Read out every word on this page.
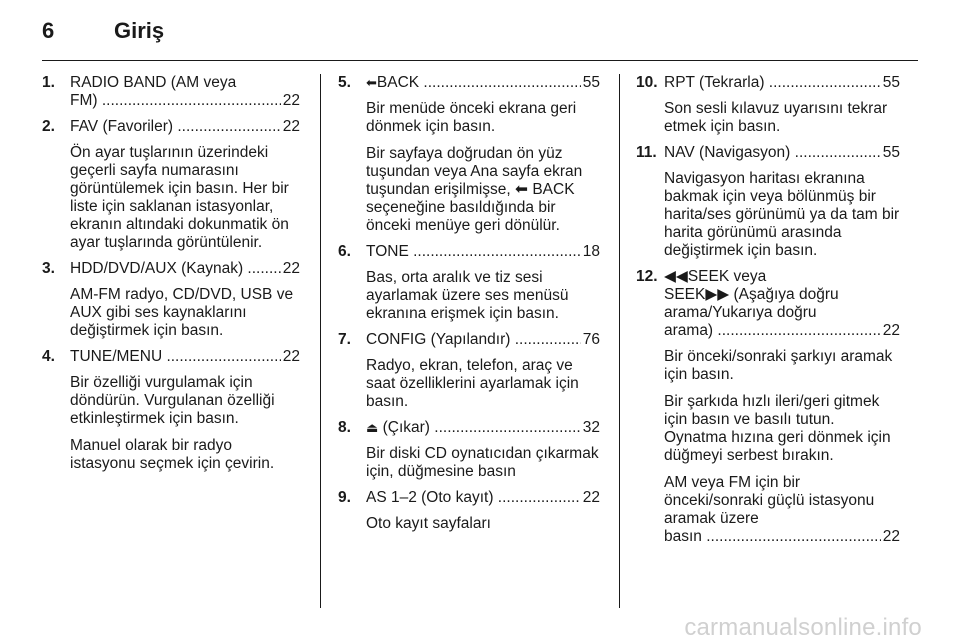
6	Giriş
1. RADIO BAND (AM veya
FM) .....	22
2. FAV (Favoriler) .....	22
Ön ayar tuşlarının üzerindeki geçerli sayfa numarasını görüntülemek için basın. Her bir liste için saklanan istasyonlar, ekranın altındaki dokunmatik ön ayar tuşlarında görüntülenir.
3. HDD/DVD/AUX (Kaynak) .....	22
AM-FM radyo, CD/DVD, USB ve AUX gibi ses kaynaklarını değiştirmek için basın.
4. TUNE/MENU .....	22
Bir özelliği vurgulamak için döndürün. Vurgulanan özelliği etkinleştirmek için basın.
Manuel olarak bir radyo istasyonu seçmek için çevirin.
5. ⬅BACK .....	55
Bir menüde önceki ekrana geri dönmek için basın.
Bir sayfaya doğrudan ön yüz tuşundan veya Ana sayfa ekran tuşundan erişilmişse, ⬅ BACK seçeneğine basıldığında bir önceki menüye geri dönülür.
6. TONE .....	18
Bas, orta aralık ve tiz sesi ayarlamak üzere ses menüsü ekranına erişmek için basın.
7. CONFIG (Yapılandır) .....	76
Radyo, ekran, telefon, araç ve saat özelliklerini ayarlamak için basın.
8. ⏏ (Çıkar) .....	32
Bir diski CD oynatıcıdan çıkarmak için, düğmesine basın
9. AS 1–2 (Oto kayıt) .....	22
Oto kayıt sayfaları
10. RPT (Tekrarla) .....	55
Son sesli kılavuz uyarısını tekrar etmek için basın.
11. NAV (Navigasyon) .....	55
Navigasyon haritası ekranına bakmak için veya bölünmüş bir harita/ses görünümü ya da tam bir harita görünümü arasında değiştirmek için basın.
12. ◀◀SEEK veya
SEEK▶▶ (Aşağıya doğru
arama/Yukarıya doğru
arama) .....	22
Bir önceki/sonraki şarkıyı aramak için basın.
Bir şarkıda hızlı ileri/geri gitmek için basın ve basılı tutun. Oynatma hızına geri dönmek için düğmeyi serbest bırakın.
AM veya FM için bir önceki/sonraki güçlü istasyonu aramak üzere
basın .....	22
carmanualsonline.info
